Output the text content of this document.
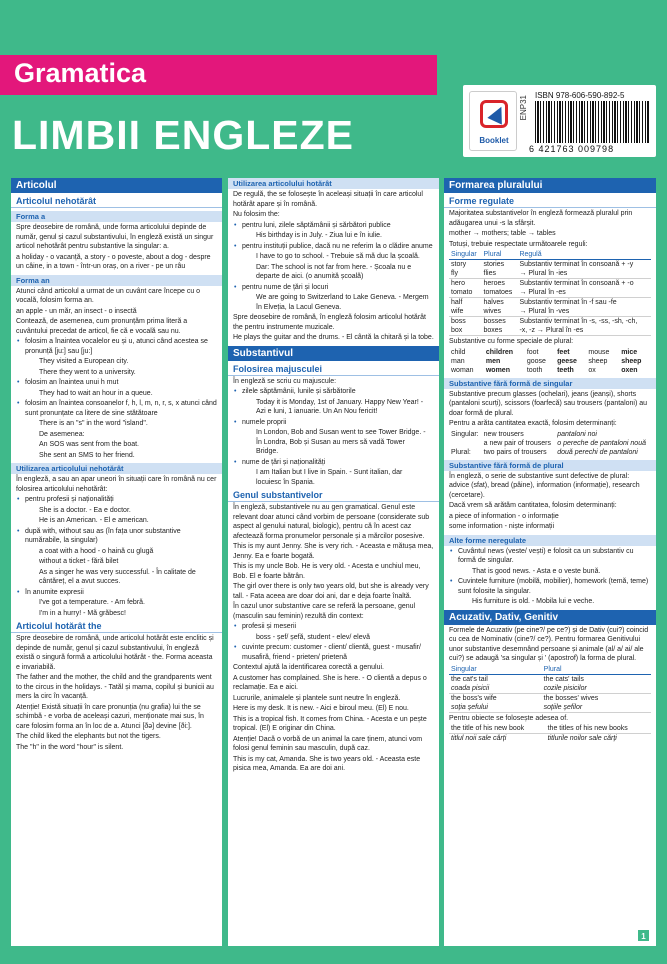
Gramatica
LIMBII ENGLEZE	Booklet
ENP31 ISBN 978-606-590-892-5
6 421763 009798
Articolul
Articolul nehotărât
Forma a

Spre deosebire de română, unde forma articolului depinde de număr, genul și cazul substantivului, în engleză există un singur articol nehotărât pentru substantive la singular: a.

a holiday - o vacanță, a story - o poveste, about a dog - despre un câine, in a town - într-un oraș, on a river - pe un râu

Forma an

Atunci când articolul a urmat de un cuvânt care începe cu o vocală, folosim forma an.

an apple - un măr, an insect - o insectă

Contează, de asemenea, cum pronunțăm prima literă a cuvântului precedat de articol, fie că e vocală sau nu.

• folosim a înaintea vocalelor eu și u, atunci când acestea se pronunță [ju:] sau [ju:]

They visited a European city.

There they went to a university.

• folosim an înaintea unui h mut

They had to wait an hour in a queue.

• folosim an înaintea consoanelor f, h, l, m, n, r, s, x atunci când sunt pronunțate ca litere de sine stătătoare

There is an "s" in the word "island".

De asemenea:

An SOS was sent from the boat.

She sent an SMS to her friend.

Utilizarea articolului nehotărât

În engleză, a sau an apar uneori în situații care în română nu cer folosirea articolului nehotărât:

• pentru profesii și naționalități

She is a doctor. - Ea e doctor.

He is an American. - El e american.

• după with, without sau as (în fața unor substantive numărabile, la singular)

a coat with a hood - o haină cu glugă

without a ticket - fără bilet

As a singer he was very successful. - În calitate de cântăreț, el a avut succes.

• în anumite expresii

I've got a temperature. - Am febră.

I'm in a hurry! - Mă grăbesc!

Articolul hotărât the

Spre deosebire de română, unde articolul hotărât este enclitic și depinde de număr, genul și cazul substantivului, în engleză există o singură formă a articolului hotărât - the. Forma aceasta e invariabilă.

The father and the mother, the child and the grandparents went to the circus in the holidays. - Tatăl și mama, copilul și bunicii au mers la circ în vacanță.

Atenție! Există situații în care pronunția (nu grafia) lui the se schimbă - e vorba de aceleași cazuri, menționate mai sus, în care folosim forma an în loc de a. Atunci [ðə] devine [ði:].

The child liked the elephants but not the tigers.

The "h" in the word "hour" is silent.

Utilizarea articolului hotărât

De regulă, the se folosește în aceleași situații în care articolul hotărât apare și în română.

Nu folosim the:

• pentru luni, zilele săptămânii și sărbători publice

His birthday is in July. - Ziua lui e în iulie.

• pentru instituții publice, dacă nu ne referim la o clădire anume

I have to go to school. - Trebuie să mă duc la școală.

Dar: The school is not far from here. - Școala nu e departe de aici. (o anumită școală)

• pentru nume de țări și locuri

We are going to Switzerland to Lake Geneva. - Mergem în Elveția, la Lacul Geneva.

Spre deosebire de română, în engleză folosim articolul hotărât the pentru instrumente muzicale.

He plays the guitar and the drums. - El cântă la chitară și la tobe.

Substantivul
Folosirea majusculei

În engleză se scriu cu majuscule:

• zilele săptămânii, lunile și sărbătorile

Today it is Monday, 1st of January. Happy New Year! - Azi e luni, 1 ianuarie. Un An Nou fericit!

• numele proprii

In London, Bob and Susan went to see Tower Bridge. - În Londra, Bob și Susan au mers să vadă Tower Bridge.

• nume de țări și naționalități

I am Italian but I live in Spain. - Sunt italian, dar locuiesc în Spania.

Genul substantivelor

În engleză, substantivele nu au gen gramatical. Genul este relevant doar atunci când vorbim de persoane (considerate sub aspect al genului natural, biologic), pentru că în acest caz afectează forma pronumelor personale și a mărcilor posesive.

This is my aunt Jenny. She is very rich. - Aceasta e mătușa mea, Jenny. Ea e foarte bogată.

This is my uncle Bob. He is very old. - Acesta e unchiul meu, Bob. El e foarte bătrân.

The girl over there is only two years old, but she is already very tall. - Fata aceea are doar doi ani, dar e deja foarte înaltă.

În cazul unor substantive care se referă la persoane, genul (masculin sau feminin) rezultă din context:

• profesii și meserii

boss - șef/ șefă, student - elev/ elevă

• cuvinte precum: customer - client/ clientă, guest - musafir/ musafiră, friend - prieten/ prietenă

Contextul ajută la identificarea corectă a genului.

A customer has complained. She is here. - O clientă a depus o reclamație. Ea e aici.

Lucrurile, animalele și plantele sunt neutre în engleză.

Here is my desk. It is new. - Aici e biroul meu. (El) E nou.

This is a tropical fish. It comes from China. - Acesta e un pește tropical. (El) E originar din China.

Atenție! Dacă o vorbă de un animal la care ținem, atunci vom folosi genul feminin sau masculin, după caz.

This is my cat, Amanda. She is two years old. - Aceasta este pisica mea, Amanda. Ea are doi ani.

Formarea pluralului
Forme regulate

Majoritatea substantivelor în engleză formează pluralul prin adăugarea unui -s la sfârșit.

mother → mothers; table → tables

Totuși, trebuie respectate următoarele reguli:

Singular	Plural	Regulă
story	stories	Substantiv terminat în consoană + -y
fly	flies	→ Plural în -ies
hero	heroes	Substantiv terminat în consoană + -o
tomato	tomatoes	→ Plural în -es
half	halves	Substantiv terminat în -f sau -fe
wife	wives	→ Plural în -ves
boss	bosses	Substantiv terminat în -s, -ss, -sh, -ch,
box	boxes	-x, -z → Plural în -es

Substantive cu forme speciale de plural:

child	children	foot	feet	mouse	mice
man	men	goose	geese	sheep	sheep
woman	women	tooth	teeth	ox	oxen
Substantive fără formă de singular

Substantive precum glasses (ochelari), jeans (jeanși), shorts (pantaloni scurți), scissors (foarfecă) sau trousers (pantaloni) au doar formă de plural.

Pentru a arăta cantitatea exactă, folosim determinanți:

Singular:	new trousers	pantaloni noi
	a new pair of trousers	o pereche de pantaloni nouă
Plural:	two pairs of trousers	două perechi de pantaloni
Substantive fără formă de plural

În engleză, o serie de substantive sunt defective de plural: advice (sfat), bread (pâine), information (informație), research (cercetare).

Dacă vrem să arătăm cantitatea, folosim determinanți:

a piece of information - o informație

some information - niște informații

Alte forme neregulate
• Cuvântul news (veste/ vești) e folosit ca un substantiv cu formă de singular.

That is good news. - Asta e o veste bună.

• Cuvintele furniture (mobilă, mobilier), homework (temă, teme) sunt folosite la singular.

His furniture is old. - Mobila lui e veche.

Acuzativ, Dativ, Genitiv

Formele de Acuzativ (pe cine?/ pe ce?) și de Dativ (cui?) coincid cu cea de Nominativ (cine?/ ce?). Pentru formarea Genitivului unor substantive desemnând persoane și animale (al/ a/ ai/ ale cui?) se adaugă 'sa singular și ' (apostrof) la forma de plural.

Singular	Plural
the cat's tail	the cats' tails
coada pisicii	cozile pisicilor
the boss's wife	the bosses' wives
soția șefului	soțiile șefilor

Pentru obiecte se folosește adesea of.

the title of his new book	the titles of his new books
titlul noii sale cărți	titlurile noilor sale cărți
1
